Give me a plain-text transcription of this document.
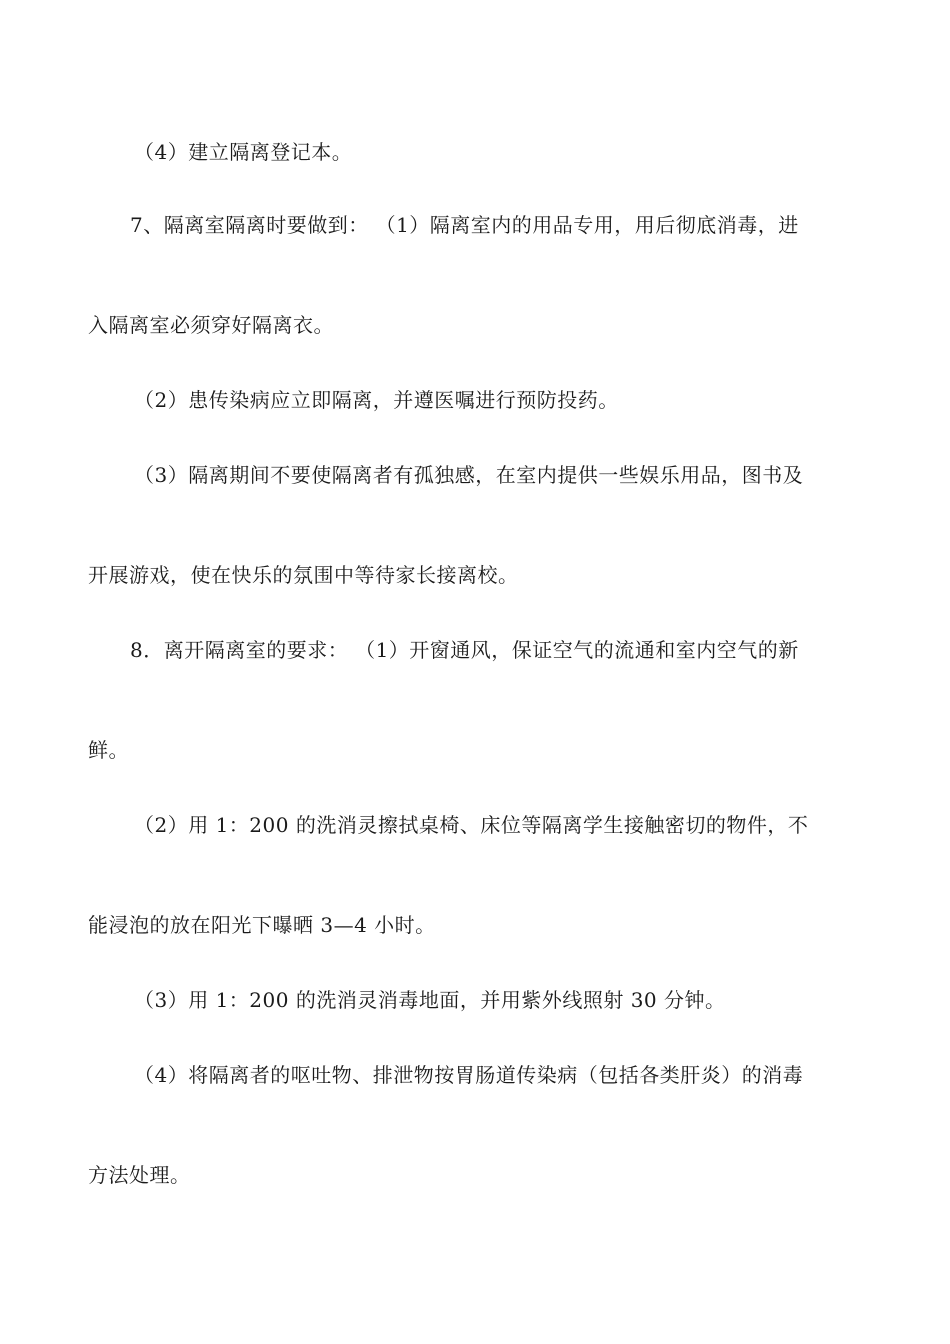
（4）建立隔离登记本。
7、隔离室隔离时要做到： （1）隔离室内的用品专用，用后彻底消毒，进
入隔离室必须穿好隔离衣。
（2）患传染病应立即隔离，并遵医嘱进行预防投药。
（3）隔离期间不要使隔离者有孤独感，在室内提供一些娱乐用品，图书及
开展游戏，使在快乐的氛围中等待家长接离校。
8．离开隔离室的要求： （1）开窗通风，保证空气的流通和室内空气的新
鲜。
（2）用 1：200 的洗消灵擦拭桌椅、床位等隔离学生接触密切的物件，不
能浸泡的放在阳光下曝晒 3—4 小时。
（3）用 1：200 的洗消灵消毒地面，并用紫外线照射 30 分钟。
（4）将隔离者的呕吐物、排泄物按胃肠道传染病（包括各类肝炎）的消毒
方法处理。
